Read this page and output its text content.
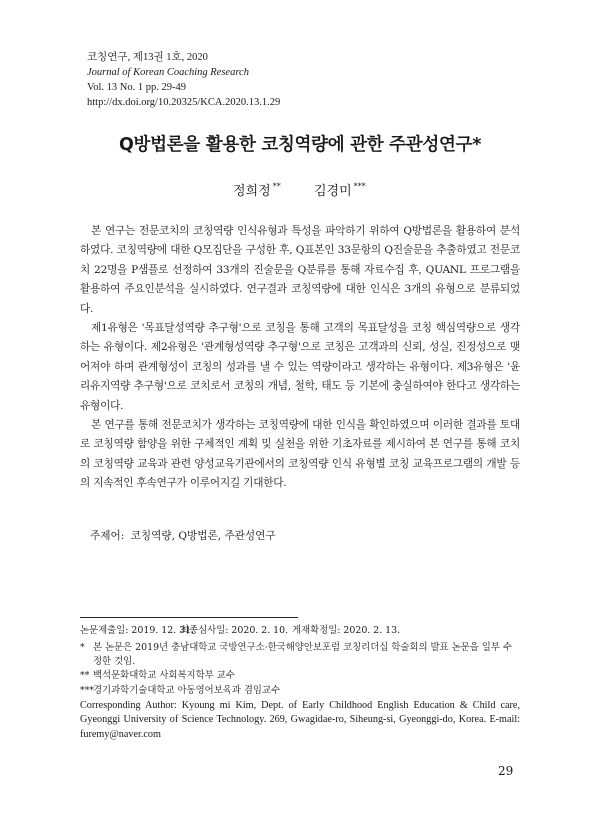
코칭연구, 제13권 1호, 2020
Journal of Korean Coaching Research
Vol. 13 No. 1 pp. 29-49
http://dx.doi.org/10.20325/KCA.2020.13.1.29
Q방법론을 활용한 코칭역량에 관한 주관성연구*
정희정 **	김경미 ***

본 연구는 전문코치의 코칭역량 인식유형과 특성을 파악하기 위하여 Q방법론을 활용하여 분석하였다. 코칭역량에 대한 Q모집단을 구성한 후, Q표본인 33문항의 Q진술문을 추출하였고 전문코치 22명을 P샘플로 선정하여 33개의 진술문을 Q분류를 통해 자료수집 후, QUANL 프로그램을 활용하여 주요인분석을 실시하였다. 연구결과 코칭역량에 대한 인식은 3개의 유형으로 분류되었다.

제1유형은 '목표달성역량 추구형'으로 코칭을 통해 고객의 목표달성을 코칭 핵심역량으로 생각하는 유형이다. 제2유형은 '관계형성역량 추구형'으로 코칭은 고객과의 신뢰, 성실, 진정성으로 맺어져야 하며 관계형성이 코칭의 성과를 낼 수 있는 역량이라고 생각하는 유형이다. 제3유형은 '윤리유지역량 추구형'으로 코치로서 코칭의 개념, 철학, 태도 등 기본에 충실하여야 한다고 생각하는 유형이다.

본 연구를 통해 전문코치가 생각하는 코칭역량에 대한 인식을 확인하였으며 이러한 결과를 토대로 코칭역량 함양을 위한 구체적인 계획 및 실천을 위한 기초자료를 제시하여 본 연구를 통해 코치의 코칭역량 교육과 관련 양성교육기관에서의 코칭역량 인식 유형별 코칭 교육프로그램의 개발 등의 지속적인 후속연구가 이루어지길 기대한다.

주제어: 코칭역량, Q방법론, 주관성연구
논문제출일: 2019. 12. 31.
최종심사일: 2020. 2. 10. 게재확정일: 2020. 2. 13.
* 본 논문은 2019년 충남대학교 국방연구소·한국해양안보포럼 코칭리더십 학술회의 발표 논문을 일부 수정한 것임.
** 백석문화대학교 사회복지학부 교수
***경기과학기술대학교 아동영어보육과 겸임교수
Corresponding Author: Kyoung mi Kim, Dept. of Early Childhood English Education & Child care, Gyeonggi University of Science Technology. 269, Gwagidae-ro, Siheung-si, Gyeonggi-do, Korea. E-mail: furemy@naver.com
29
